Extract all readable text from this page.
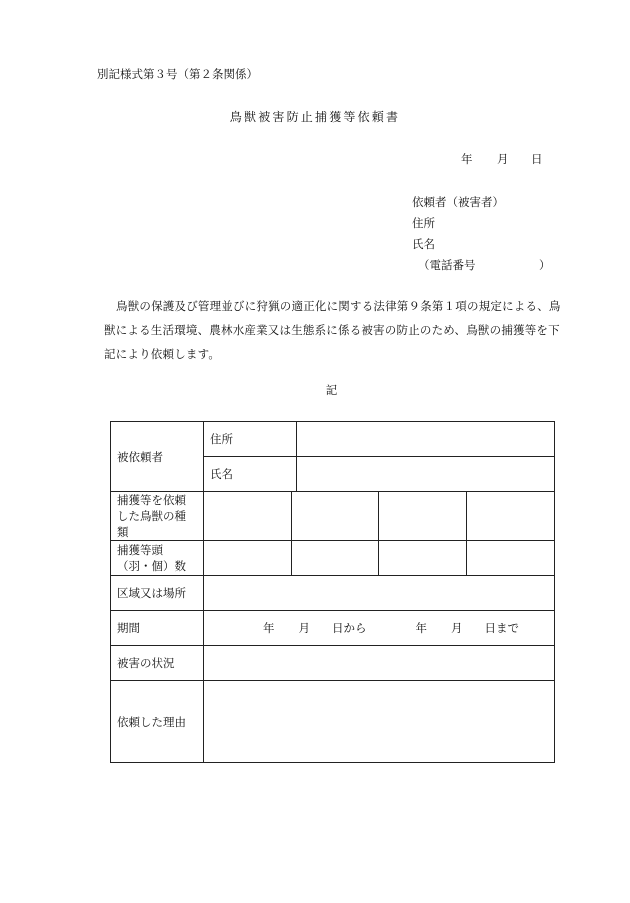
別記様式第３号（第２条関係）
鳥獣被害防止捕獲等依頼書
年 月 日
依頼者（被害者）
住所
氏名
（電話番号	）
鳥獣の保護及び管理並びに狩猟の適正化に関する法律第９条第１項の規定による、鳥獣による生活環境、農林水産業又は生態系に係る被害の防止のため、鳥獣の捕獲等を下記により依頼します。
記
被依頼者	住所				
	氏名				
捕獲等を依頼した鳥獣の種類					
捕獲等頭（羽・個）数					
区域又は場所					
期間	年 月 日から 年 月 日まで				
被害の状況					
依頼した理由					
